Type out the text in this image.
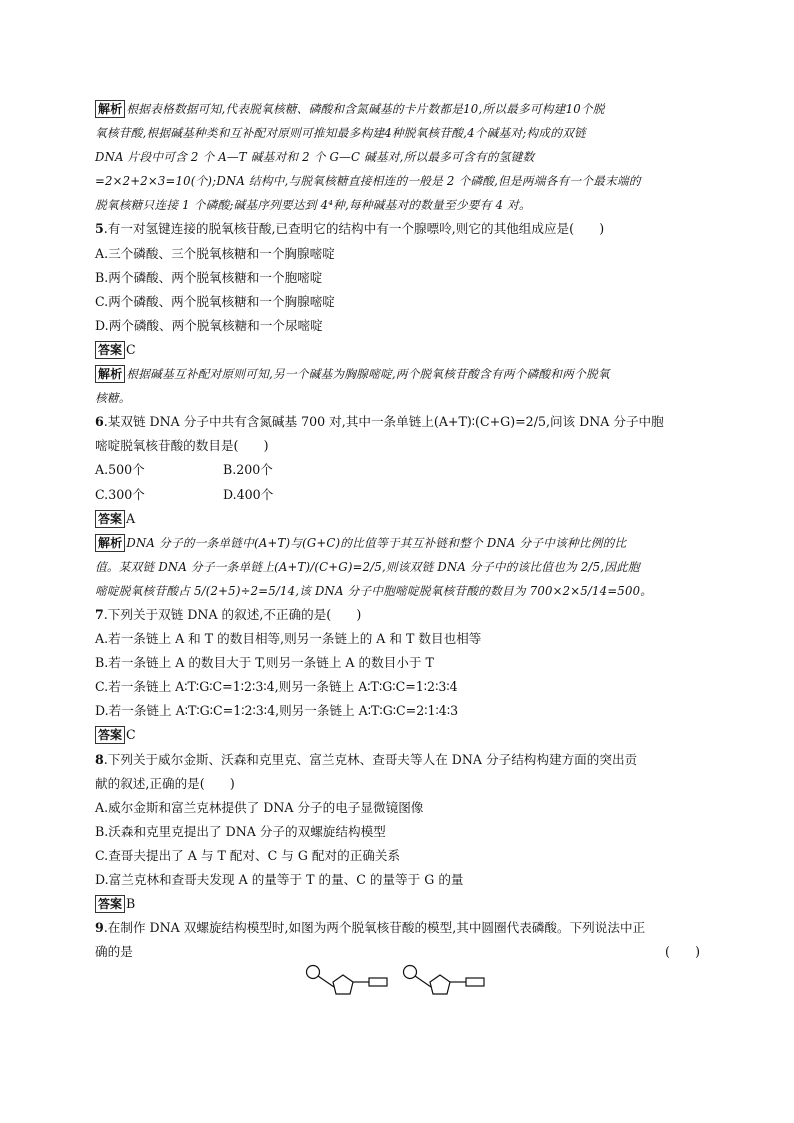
解析 根据表格数据可知,代表脱氧核糖、磷酸和含氮碱基的卡片数都是10,所以最多可构建10个脱
氧核苷酸,根据碱基种类和互补配对原则可推知最多构建4种脱氧核苷酸,4个碱基对;构成的双链
DNA 片段中可含 2 个 A—T 碱基对和 2 个 G—C 碱基对,所以最多可含有的氢键数
=2×2+2×3=10(个);DNA 结构中,与脱氧核糖直接相连的一般是 2 个磷酸,但是两端各有一个最末端的
脱氧核糖只连接 1 个磷酸;碱基序列要达到 4⁴种,每种碱基对的数量至少要有 4 对。
5.有一对氢键连接的脱氧核苷酸,已查明它的结构中有一个腺嘌呤,则它的其他组成应是(　　)
A.三个磷酸、三个脱氧核糖和一个胸腺嘧啶
B.两个磷酸、两个脱氧核糖和一个胞嘧啶
C.两个磷酸、两个脱氧核糖和一个胸腺嘧啶
D.两个磷酸、两个脱氧核糖和一个尿嘧啶
答案 C
解析 根据碱基互补配对原则可知,另一个碱基为胸腺嘧啶,两个脱氧核苷酸含有两个磷酸和两个脱氧
核糖。
6.某双链 DNA 分子中共有含氮碱基 700 对,其中一条单链上(A+T)∶(C+G)=2/5,问该 DNA 分子中胞
嘧啶脱氧核苷酸的数目是(　　)
A.500个	B.200个
C.300个	D.400个
答案 A
解析 DNA 分子的一条单链中(A+T)与(G+C)的比值等于其互补链和整个 DNA 分子中该种比例的比
值。某双链 DNA 分子一条单链上(A+T)/(C+G)=2/5,则该双链 DNA 分子中的该比值也为 2/5,因此胞
嘧啶脱氧核苷酸占 5/(2+5)÷2=5/14,该 DNA 分子中胞嘧啶脱氧核苷酸的数目为 700×2×5/14=500。
7.下列关于双链 DNA 的叙述,不正确的是(　　)
A.若一条链上 A 和 T 的数目相等,则另一条链上的 A 和 T 数目也相等
B.若一条链上 A 的数目大于 T,则另一条链上 A 的数目小于 T
C.若一条链上 A∶T∶G∶C=1∶2∶3∶4,则另一条链上 A∶T∶G∶C=1∶2∶3∶4
D.若一条链上 A∶T∶G∶C=1∶2∶3∶4,则另一条链上 A∶T∶G∶C=2∶1∶4∶3
答案 C
8.下列关于威尔金斯、沃森和克里克、富兰克林、查哥夫等人在 DNA 分子结构构建方面的突出贡
献的叙述,正确的是(　　)
A.威尔金斯和富兰克林提供了 DNA 分子的电子显微镜图像
B.沃森和克里克提出了 DNA 分子的双螺旋结构模型
C.查哥夫提出了 A 与 T 配对、C 与 G 配对的正确关系
D.富兰克林和查哥夫发现 A 的量等于 T 的量、C 的量等于 G 的量
答案 B
9.在制作 DNA 双螺旋结构模型时,如图为两个脱氧核苷酸的模型,其中圆圈代表磷酸。下列说法中正
确的是	(　　)
